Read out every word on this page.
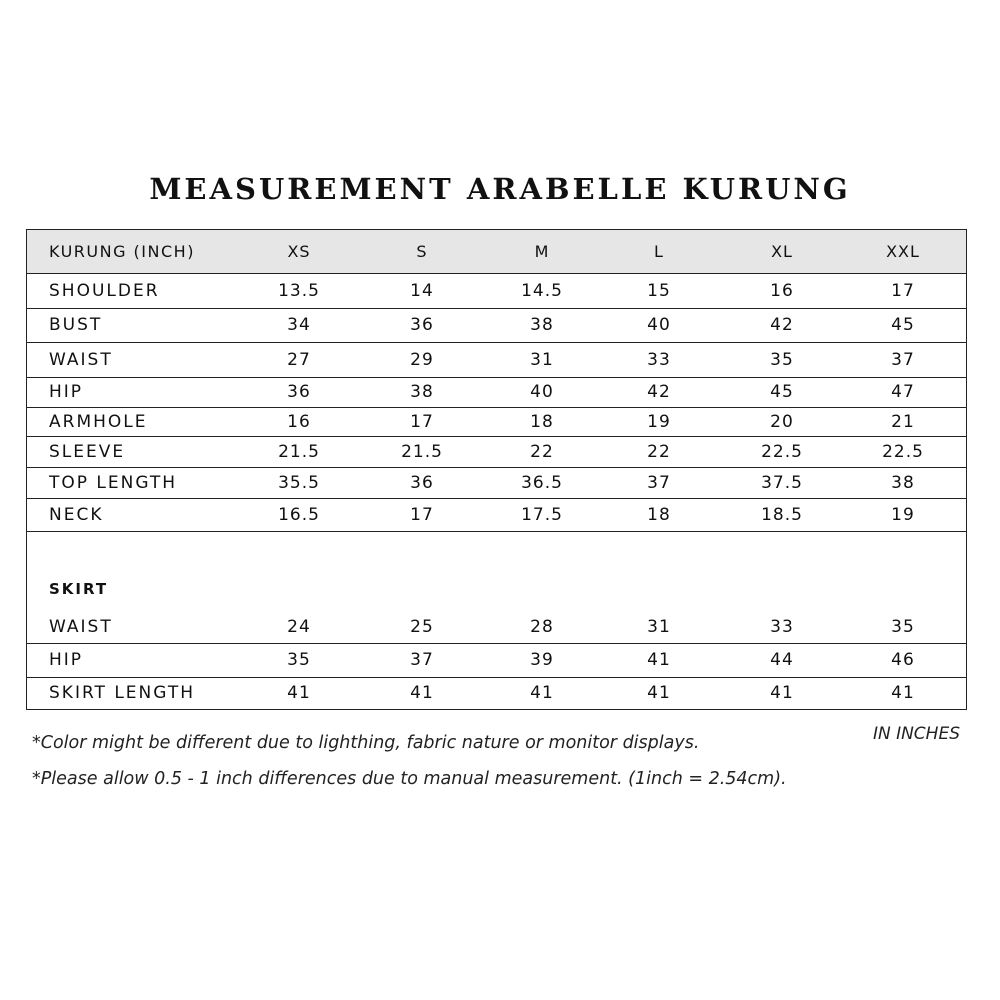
MEASUREMENT ARABELLE KURUNG
KURUNG (INCH)	XS	S	M	L	XL	XXL
SHOULDER	13.5	14	14.5	15	16	17
BUST	34	36	38	40	42	45
WAIST	27	29	31	33	35	37
HIP	36	38	40	42	45	47
ARMHOLE	16	17	18	19	20	21
SLEEVE	21.5	21.5	22	22	22.5	22.5
TOP LENGTH	35.5	36	36.5	37	37.5	38
NECK	16.5	17	17.5	18	18.5	19
SKIRT
WAIST	24	25	28	31	33	35
HIP	35	37	39	41	44	46
SKIRT LENGTH	41	41	41	41	41	41
IN INCHES
*Color might be different due to lighthing, fabric nature or monitor displays.
*Please allow 0.5 - 1 inch differences due to manual measurement. (1inch = 2.54cm).
